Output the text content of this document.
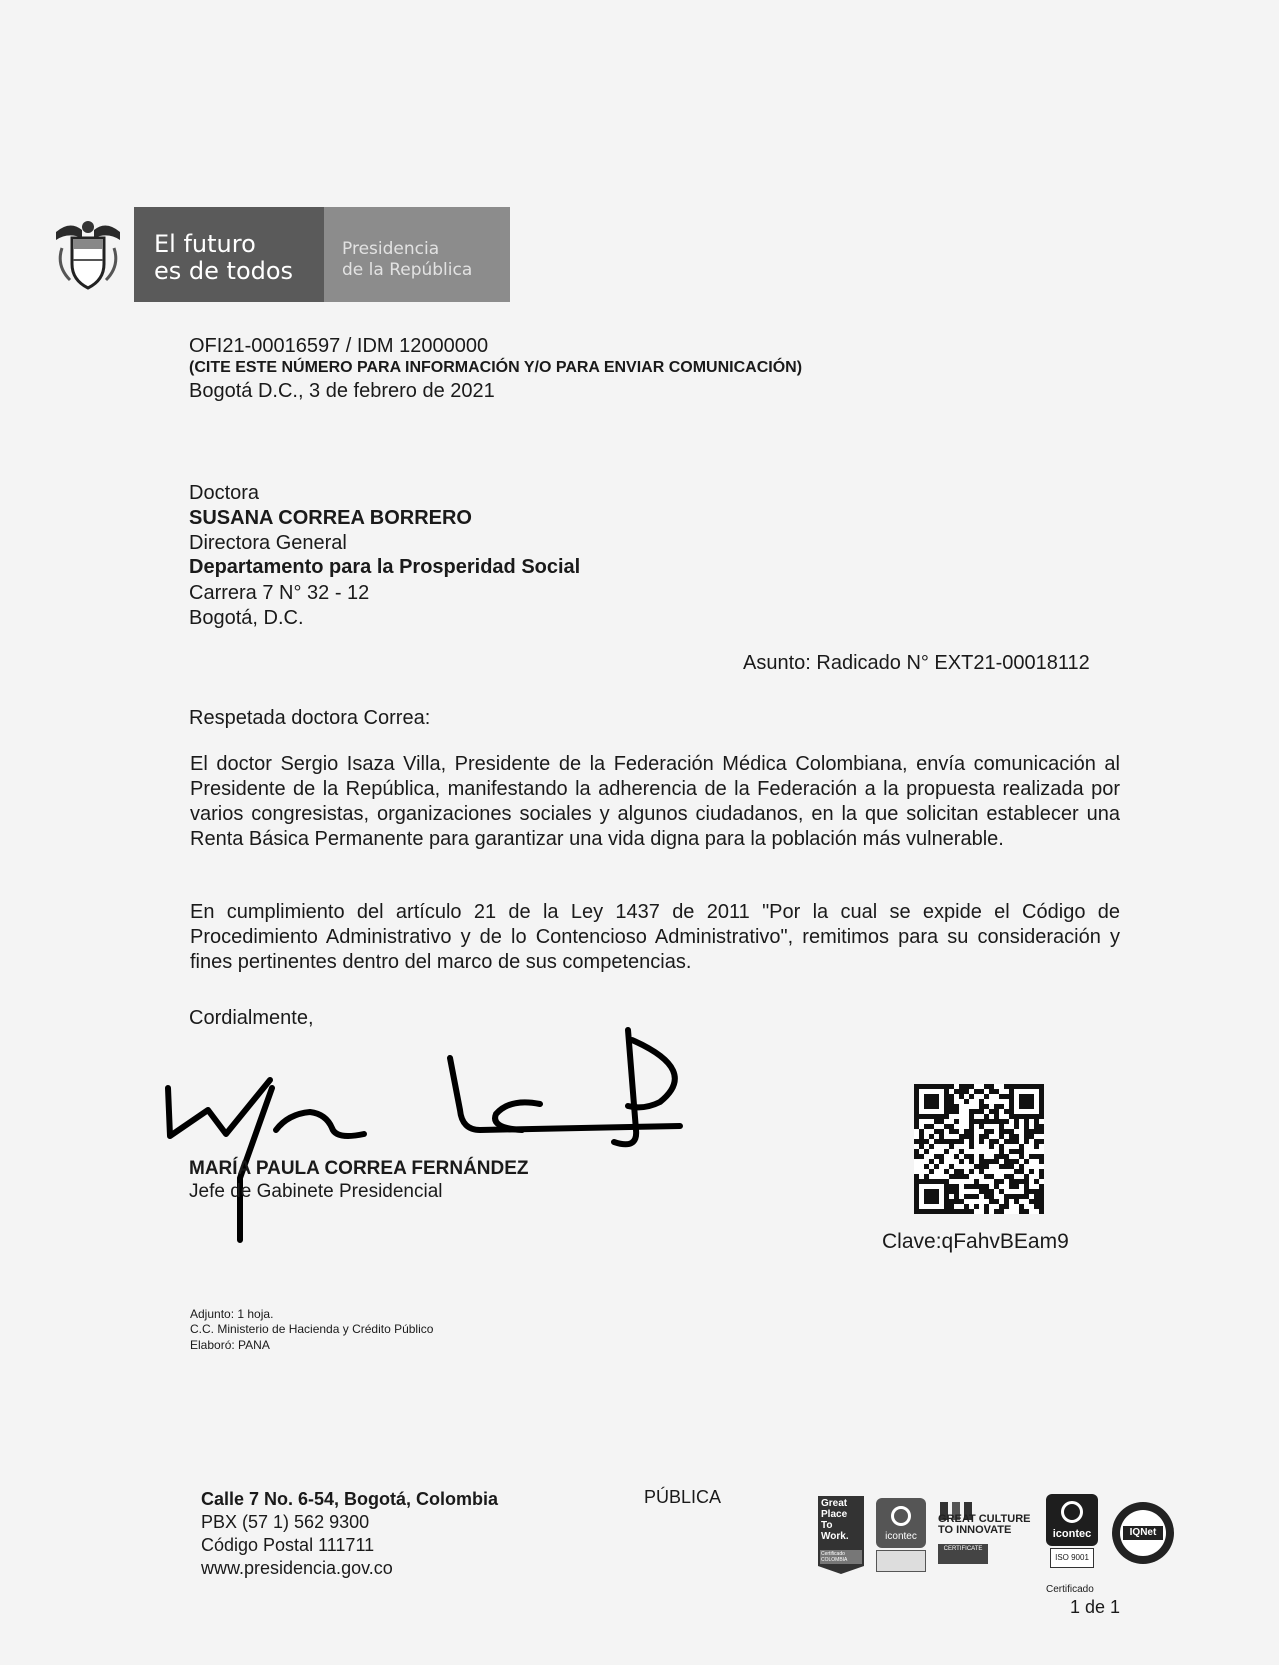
El futuro
es de todos
Presidencia
de la República
OFI21-00016597 / IDM 12000000
(CITE ESTE NÚMERO PARA INFORMACIÓN Y/O PARA ENVIAR COMUNICACIÓN)
Bogotá D.C., 3 de febrero de 2021
Doctora
SUSANA CORREA BORRERO
Directora General
Departamento para la Prosperidad Social
Carrera 7 N° 32 - 12
Bogotá, D.C.
Asunto: Radicado N° EXT21-00018112
Respetada doctora Correa:
El doctor Sergio Isaza Villa, Presidente de la Federación Médica Colombiana, envía comunicación al Presidente de la República, manifestando la adherencia de la Federación a la propuesta realizada por varios congresistas, organizaciones sociales y algunos ciudadanos, en la que solicitan establecer una Renta Básica Permanente para garantizar una vida digna para la población más vulnerable.
En cumplimiento del artículo 21 de la Ley 1437 de 2011 "Por la cual se expide el Código de Procedimiento Administrativo y de lo Contencioso Administrativo", remitimos para su consideración y fines pertinentes dentro del marco de sus competencias.
Cordialmente,
MARÍA PAULA CORREA FERNÁNDEZ
Jefe de Gabinete Presidencial
Clave:qFahvBEam9
Adjunto: 1 hoja.
C.C. Ministerio de Hacienda y Crédito Público
Elaboró: PANA
Calle 7 No. 6-54, Bogotá, Colombia
PBX (57 1) 562 9300
Código Postal 111711
www.presidencia.gov.co
PÚBLICA	Great
Place
To
Work.
Certificado
COLOMBIA
icontec
GREAT CULTURE
TO INNOVATE
CERTIFICATE
icontec
ISO 9001
IQNet
Certificado
1 de 1
